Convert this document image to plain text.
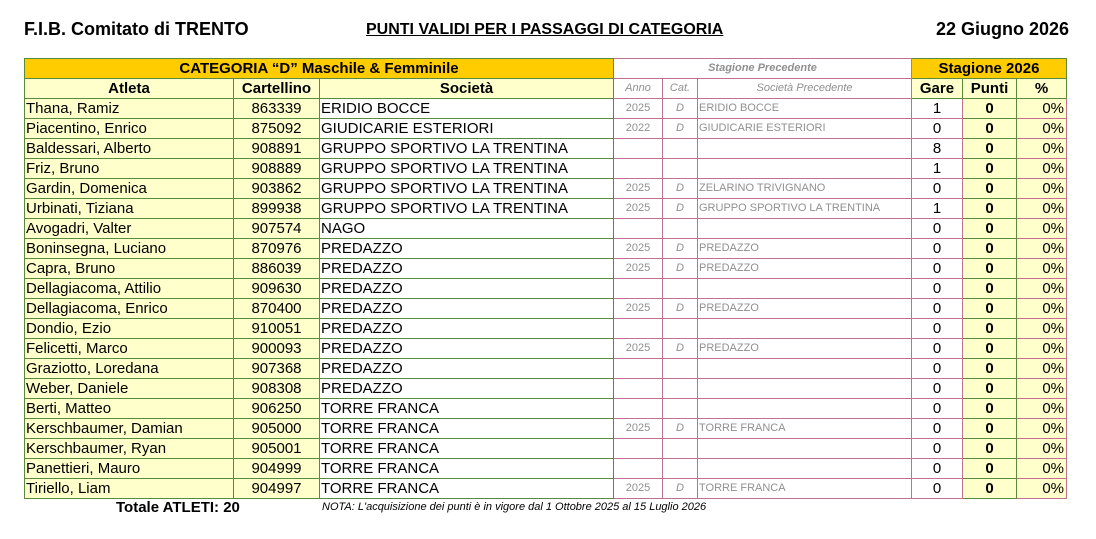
F.I.B. Comitato di TRENTO	PUNTI VALIDI PER I PASSAGGI DI CATEGORIA	22 Giugno 2026
CATEGORIA “D” Maschile & Femminile			Stagione Precedente			Stagione 2026		
Atleta	Cartellino	Società	Anno	Cat.	Società Precedente	Gare	Punti	%
Thana, Ramiz	863339	ERIDIO BOCCE	2025	D	ERIDIO BOCCE	1	0	0%
Piacentino, Enrico	875092	GIUDICARIE ESTERIORI	2022	D	GIUDICARIE ESTERIORI	0	0	0%
Baldessari, Alberto	908891	GRUPPO SPORTIVO LA TRENTINA				8	0	0%
Friz, Bruno	908889	GRUPPO SPORTIVO LA TRENTINA				1	0	0%
Gardin, Domenica	903862	GRUPPO SPORTIVO LA TRENTINA	2025	D	ZELARINO TRIVIGNANO	0	0	0%
Urbinati, Tiziana	899938	GRUPPO SPORTIVO LA TRENTINA	2025	D	GRUPPO SPORTIVO LA TRENTINA	1	0	0%
Avogadri, Valter	907574	NAGO				0	0	0%
Boninsegna, Luciano	870976	PREDAZZO	2025	D	PREDAZZO	0	0	0%
Capra, Bruno	886039	PREDAZZO	2025	D	PREDAZZO	0	0	0%
Dellagiacoma, Attilio	909630	PREDAZZO				0	0	0%
Dellagiacoma, Enrico	870400	PREDAZZO	2025	D	PREDAZZO	0	0	0%
Dondio, Ezio	910051	PREDAZZO				0	0	0%
Felicetti, Marco	900093	PREDAZZO	2025	D	PREDAZZO	0	0	0%
Graziotto, Loredana	907368	PREDAZZO				0	0	0%
Weber, Daniele	908308	PREDAZZO				0	0	0%
Berti, Matteo	906250	TORRE FRANCA				0	0	0%
Kerschbaumer, Damian	905000	TORRE FRANCA	2025	D	TORRE FRANCA	0	0	0%
Kerschbaumer, Ryan	905001	TORRE FRANCA				0	0	0%
Panettieri, Mauro	904999	TORRE FRANCA				0	0	0%
Tiriello, Liam	904997	TORRE FRANCA	2025	D	TORRE FRANCA	0	0	0%
Totale ATLETI: 20	NOTA: L'acquisizione dei punti è in vigore dal 1 Ottobre 2025 al 15 Luglio 2026
